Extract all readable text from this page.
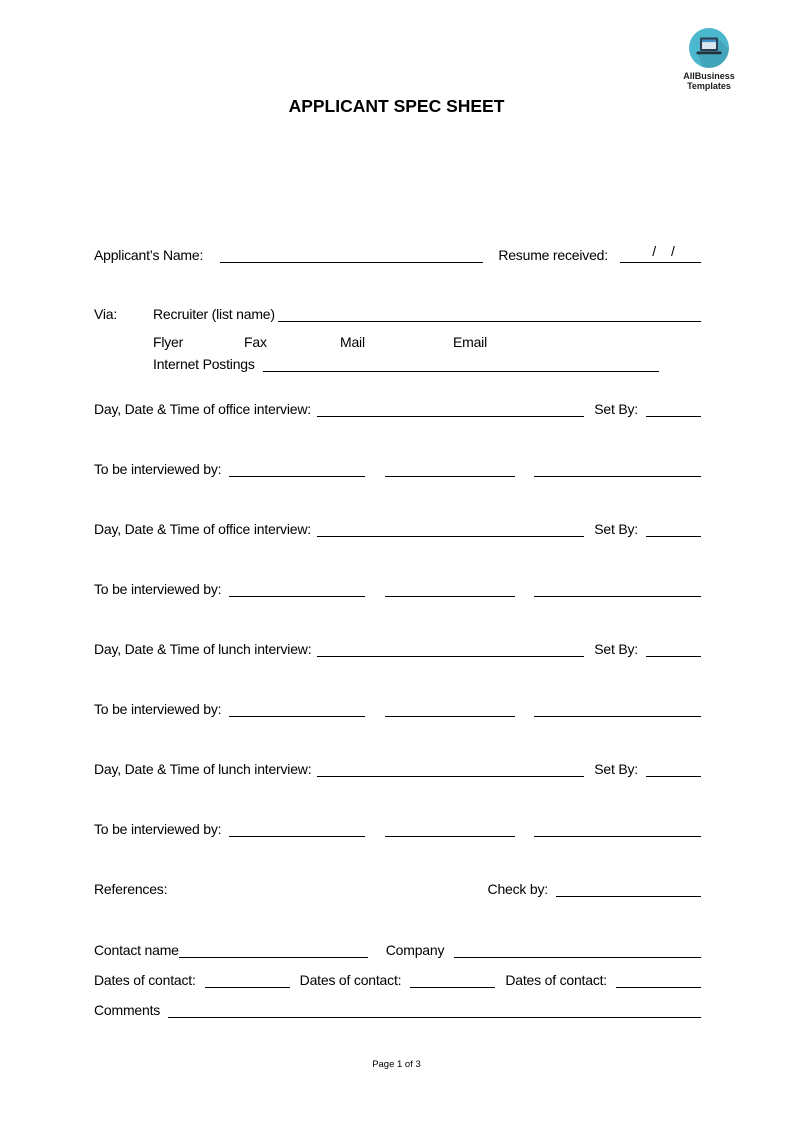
AllBusiness
Templates
APPLICANT SPEC SHEET
Applicant’s Name:	Resume received:	/ /
Via:	Recruiter (list name)
Flyer	Fax	Mail	Email
Internet Postings
Day, Date & Time of office interview:	Set By:
To be interviewed by:
Day, Date & Time of office interview:	Set By:
To be interviewed by:
Day, Date & Time of lunch interview:	Set By:
To be interviewed by:
Day, Date & Time of lunch interview:	Set By:
To be interviewed by:
References:	Check by:
Contact name	Company
Dates of contact:	Dates of contact:	Dates of contact:
Comments
Page 1 of 3
